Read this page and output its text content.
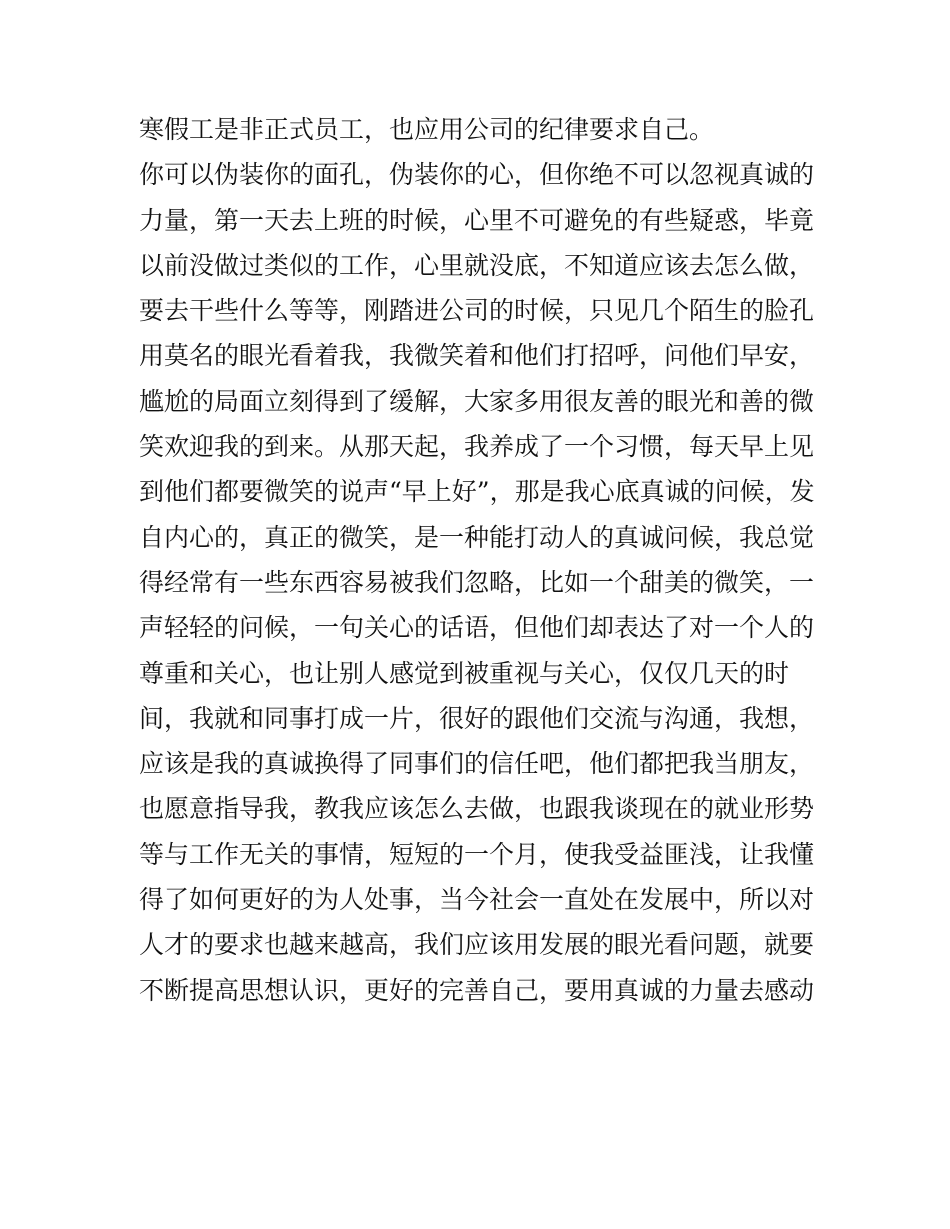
寒假工是非正式员工，也应用公司的纪律要求自己。
你可以伪装你的面孔，伪装你的心，但你绝不可以忽视真诚的
力量，第一天去上班的时候，心里不可避免的有些疑惑，毕竟
以前没做过类似的工作，心里就没底，不知道应该去怎么做，
要去干些什么等等，刚踏进公司的时候，只见几个陌生的脸孔
用莫名的眼光看着我，我微笑着和他们打招呼，问他们早安，
尴尬的局面立刻得到了缓解，大家多用很友善的眼光和善的微
笑欢迎我的到来。从那天起，我养成了一个习惯，每天早上见
到他们都要微笑的说声“早上好”，那是我心底真诚的问候，发
自内心的，真正的微笑，是一种能打动人的真诚问候，我总觉
得经常有一些东西容易被我们忽略，比如一个甜美的微笑，一
声轻轻的问候，一句关心的话语，但他们却表达了对一个人的
尊重和关心，也让别人感觉到被重视与关心，仅仅几天的时
间，我就和同事打成一片，很好的跟他们交流与沟通，我想，
应该是我的真诚换得了同事们的信任吧，他们都把我当朋友，
也愿意指导我，教我应该怎么去做，也跟我谈现在的就业形势
等与工作无关的事情，短短的一个月，使我受益匪浅，让我懂
得了如何更好的为人处事，当今社会一直处在发展中，所以对
人才的要求也越来越高，我们应该用发展的眼光看问题，就要
不断提高思想认识，更好的完善自己，要用真诚的力量去感动
